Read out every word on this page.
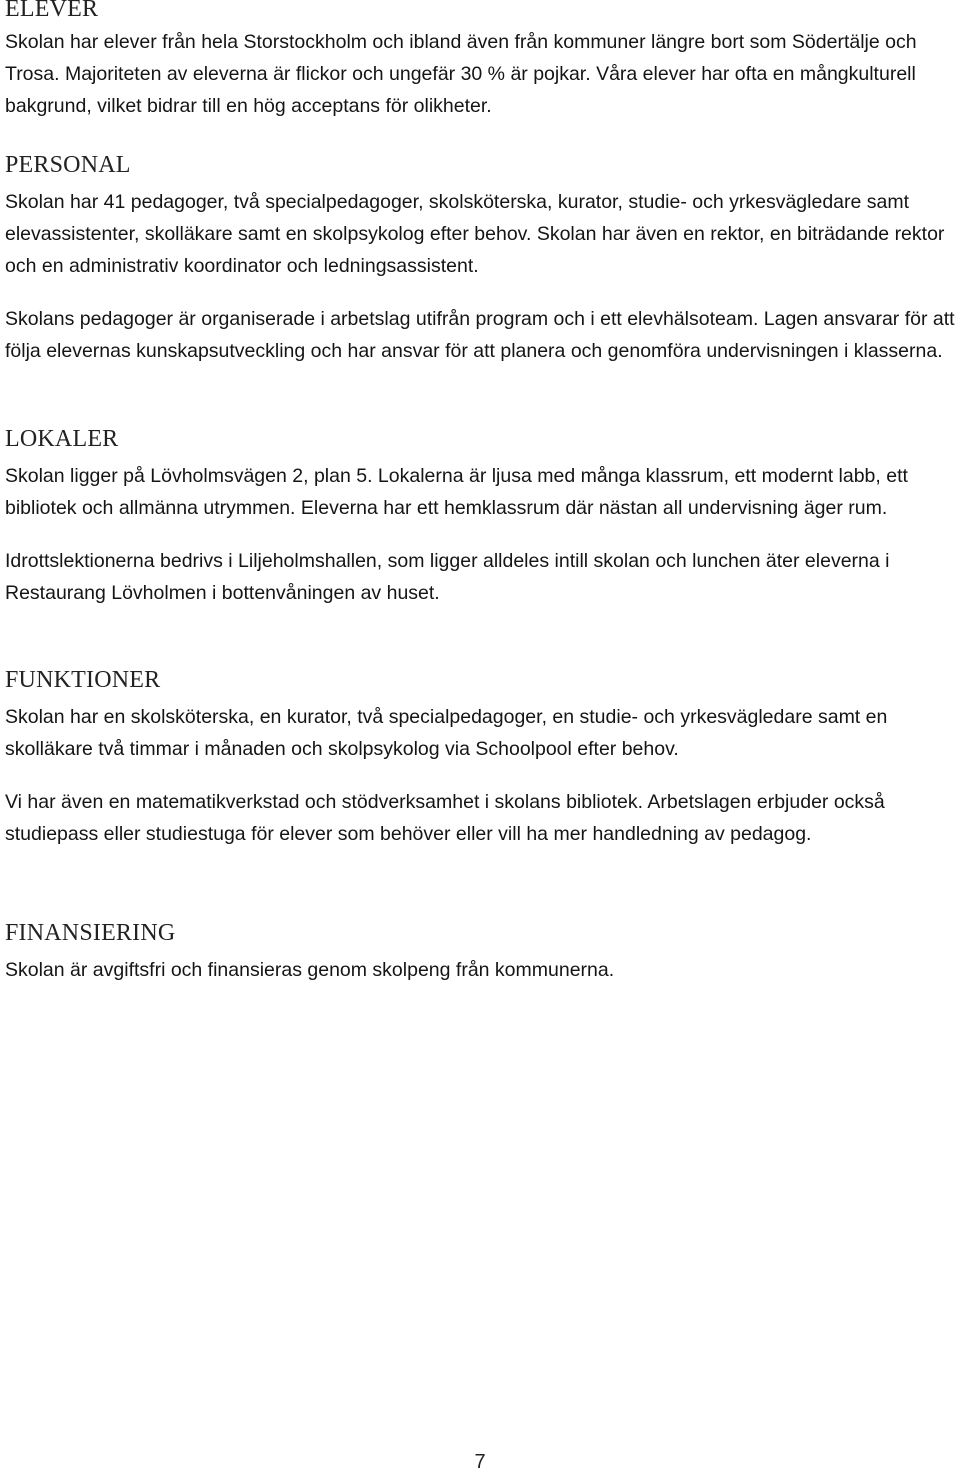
ELEVER

Skolan har elever från hela Storstockholm och ibland även från kommuner längre bort som Södertälje och Trosa. Majoriteten av eleverna är flickor och ungefär 30 % är pojkar. Våra elever har ofta en mångkulturell bakgrund, vilket bidrar till en hög acceptans för olikheter.

PERSONAL

Skolan har 41 pedagoger, två specialpedagoger, skolsköterska, kurator, studie- och yrkesvägledare samt elevassistenter, skolläkare samt en skolpsykolog efter behov. Skolan har även en rektor, en biträdande rektor och en administrativ koordinator och ledningsassistent.

Skolans pedagoger är organiserade i arbetslag utifrån program och i ett elevhälsoteam. Lagen ansvarar för att följa elevernas kunskapsutveckling och har ansvar för att planera och genomföra undervisningen i klasserna.

LOKALER

Skolan ligger på Lövholmsvägen 2, plan 5. Lokalerna är ljusa med många klassrum, ett modernt labb, ett bibliotek och allmänna utrymmen. Eleverna har ett hemklassrum där nästan all undervisning äger rum.

Idrottslektionerna bedrivs i Liljeholmshallen, som ligger alldeles intill skolan och lunchen äter eleverna i Restaurang Lövholmen i bottenvåningen av huset.

FUNKTIONER

Skolan har en skolsköterska, en kurator, två specialpedagoger, en studie- och yrkesvägledare samt en skolläkare två timmar i månaden och skolpsykolog via Schoolpool efter behov.

Vi har även en matematikverkstad och stödverksamhet i skolans bibliotek. Arbetslagen erbjuder också studiepass eller studiestuga för elever som behöver eller vill ha mer handledning av pedagog.

FINANSIERING

Skolan är avgiftsfri och finansieras genom skolpeng från kommunerna.

7
